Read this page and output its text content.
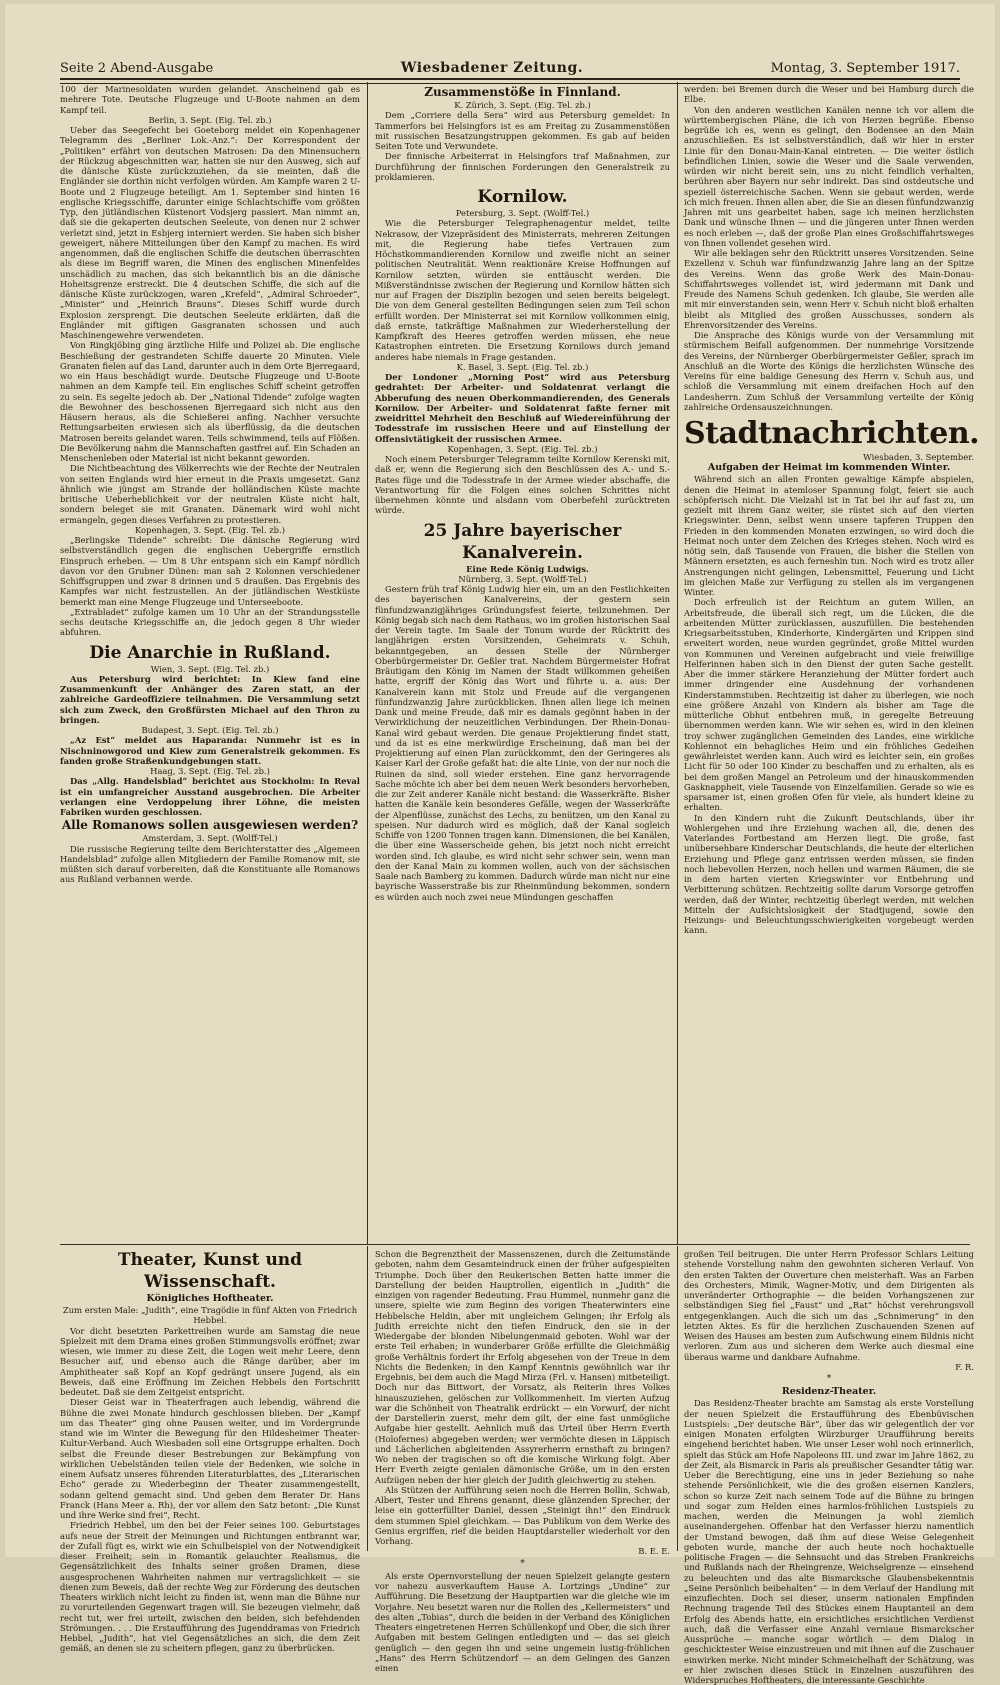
Seite 2 Abend-Ausgabe	Wiesbadener Zeitung.	Montag, 3. September 1917.

100 der Marinesoldaten wurden gelandet. Anscheinend gab es mehrere Tote. Deutsche Flugzeuge und U-Boote nahmen an dem Kampf teil.

Berlin, 3. Sept. (Eig. Tel. zb.)

Ueber das Seegefecht bei Goeteborg meldet ein Kopenhagener Telegramm des „Berliner Lok.-Anz.“: Der Korrespondent der „Politiken“ erfährt von deutschen Matrosen: Da den Minensuchern der Rückzug abgeschnitten war, hatten sie nur den Ausweg, sich auf die dänische Küste zurückzuziehen, da sie meinten, daß die Engländer sie dorthin nicht verfolgen würden. Am Kampfe waren 2 U-Boote und 2 Flugzeuge beteiligt. Am 1. September sind hinten 16 englische Kriegsschiffe, darunter einige Schlachtschiffe vom größten Typ, den jütländischen Küstenort Vodsjerg passiert. Man nimmt an, daß sie die gekaperten deutschen Seeleute, von denen nur 2 schwer verletzt sind, jetzt in Esbjerg interniert werden. Sie haben sich bisher geweigert, nähere Mitteilungen über den Kampf zu machen. Es wird angenommen, daß die englischen Schiffe die deutschen überraschten als diese im Begriff waren, die Minen des englischen Minenfeldes unschädlich zu machen, das sich bekanntlich bis an die dänische Hoheitsgrenze erstreckt. Die 4 deutschen Schiffe, die sich auf die dänische Küste zurückzogen, waren „Krefeld“, „Admiral Schroeder“, „Minister“ und „Heinrich Brauns“. Dieses Schiff wurde durch Explosion zersprengt. Die deutschen Seeleute erklärten, daß die Engländer mit giftigen Gasgranaten schossen und auch Maschinengewehre verwendeten.

Von Ringkjöbing ging ärztliche Hilfe und Polizei ab. Die englische Beschießung der gestrandeten Schiffe dauerte 20 Minuten. Viele Granaten fielen auf das Land, darunter auch in dem Orte Bjerregaard, wo ein Haus beschädigt wurde. Deutsche Flugzeuge und U-Boote nahmen an dem Kampfe teil. Ein englisches Schiff scheint getroffen zu sein. Es segelte jedoch ab. Der „National Tidende“ zufolge wagten die Bewohner des beschossenen Bjerregaard sich nicht aus den Häusern heraus, als die Schießerei anfing. Nachher versuchte Rettungsarbeiten erwiesen sich als überflüssig, da die deutschen Matrosen bereits gelandet waren. Teils schwimmend, teils auf Flößen. Die Bevölkerung nahm die Mannschaften gastfrei auf. Ein Schaden an Menschenleben oder Material ist nicht bekannt geworden.

Die Nichtbeachtung des Völkerrechts wie der Rechte der Neutralen von seiten Englands wird hier erneut in die Praxis umgesetzt. Ganz ähnlich wie jüngst am Strande der holländischen Küste machte britische Ueberheblichkeit vor der neutralen Küste nicht halt, sondern beleget sie mit Granaten. Dänemark wird wohl nicht ermangeln, gegen dieses Verfahren zu protestieren.

Kopenhagen, 3. Sept. (Eig. Tel. zb.)

„Berlingske Tidende“ schreibt: Die dänische Regierung wird selbstverständlich gegen die englischen Uebergriffe ernstlich Einspruch erheben. — Um 8 Uhr entspann sich ein Kampf nördlich davon vor den Grubner Dünen: man sah 2 Kolonnen verschiedener Schiffsgruppen und zwar 8 drinnen und 5 draußen. Das Ergebnis des Kampfes war nicht festzustellen. An der jütländischen Westküste bemerkt man eine Menge Flugzeuge und Unterseeboote.

„Extrabladet“ zufolge kamen um 10 Uhr an der Strandungsstelle sechs deutsche Kriegsschiffe an, die jedoch gegen 8 Uhr wieder abfuhren.

Die Anarchie in Rußland.

Wien, 3. Sept. (Eig. Tel. zb.)

Aus Petersburg wird berichtet: In Kiew fand eine Zusammenkunft der Anhänger des Zaren statt, an der zahlreiche Gardeoffiziere teilnahmen. Die Versammlung setzt sich zum Zweck, den Großfürsten Michael auf den Thron zu bringen.

Budapest, 3. Sept. (Eig. Tel. zb.)

„Az Est“ meldet aus Haparanda: Nunmehr ist es in Nischninowgorod und Kiew zum Generalstreik gekommen. Es fanden große Straßenkundgebungen statt.

Haag, 3. Sept. (Eig. Tel. zb.)

Das „Allg. Handelsblad“ berichtet aus Stockholm: In Reval ist ein umfangreicher Ausstand ausgebrochen. Die Arbeiter verlangen eine Verdoppelung ihrer Löhne, die meisten Fabriken wurden geschlossen.

Alle Romanows sollen ausgewiesen werden?

Amsterdam, 3. Sept. (Wolff-Tel.)

Die russische Regierung teilte dem Berichterstatter des „Algemeen Handelsblad“ zufolge allen Mitgliedern der Familie Romanow mit, sie müßten sich darauf vorbereiten, daß die Konstituante alle Romanows aus Rußland verbannen werde.

Zusammenstöße in Finnland.

K. Zürich, 3. Sept. (Eig. Tel. zb.)

Dem „Corriere della Sera“ wird aus Petersburg gemeldet: In Tammerfors bei Helsingfors ist es am Freitag zu Zusammenstößen mit russischen Besatzungstruppen gekommen. Es gab auf beiden Seiten Tote und Verwundete.

Der finnische Arbeiterrat in Helsingfors traf Maßnahmen, zur Durchführung der finnischen Forderungen den Generalstreik zu proklamieren.

Kornilow.

Petersburg, 3. Sept. (Wolff-Tel.)

Wie die Petersburger Telegraphenagentur meldet, teilte Nekrasow, der Vizepräsident des Ministerrats, mehreren Zeitungen mit, die Regierung habe tiefes Vertrauen zum Höchstkommandierenden Kornilow und zweifle nicht an seiner politischen Neutralität. Wenn reaktionäre Kreise Hoffnungen auf Kornilow setzten, würden sie enttäuscht werden. Die Mißverständnisse zwischen der Regierung und Kornilow hätten sich nur auf Fragen der Disziplin bezogen und seien bereits beigelegt. Die von dem General gestellten Bedingungen seien zum Teil schon erfüllt worden. Der Ministerrat sei mit Kornilow vollkommen einig, daß ernste, tatkräftige Maßnahmen zur Wiederherstellung der Kampfkraft des Heeres getroffen werden müssen, ehe neue Katastrophen eintreten. Die Ersetzung Kornilows durch jemand anderes habe niemals in Frage gestanden.

K. Basel, 3. Sept. (Eig. Tel. zb.)

Der Londoner „Morning Post“ wird aus Petersburg gedrahtet: Der Arbeiter- und Soldatenrat verlangt die Abberufung des neuen Oberkommandierenden, des Generals Kornilow. Der Arbeiter- und Soldatenrat faßte ferner mit zweidrittel Mehrheit den Beschluß auf Wiedereinführung der Todesstrafe im russischen Heere und auf Einstellung der Offensivtätigkeit der russischen Armee.

Kopenhagen, 3. Sept. (Eig. Tel. zb.)

Noch einem Petersburger Telegramm teilte Kornilow Kerenski mit, daß er, wenn die Regierung sich den Beschlüssen des A.- und S.-Rates füge und die Todesstrafe in der Armee wieder abschaffe, die Verantwortung für die Folgen eines solchen Schrittes nicht übernehmen könnte und alsdann vom Oberbefehl zurücktreten würde.

25 Jahre bayerischer Kanalverein.

Eine Rede König Ludwigs.

Nürnberg, 3. Sept. (Wolff-Tel.)

Gestern früh traf König Ludwig hier ein, um an den Festlichkeiten des bayerischen Kanalvereins, der gestern sein fünfundzwanzigjähriges Gründungsfest feierte, teilzunehmen. Der König begab sich nach dem Rathaus, wo im großen historischen Saal der Verein tagte. Im Saale der Tonum wurde der Rücktritt des langjährigen ersten Vorsitzenden, Geheimrats v. Schuh, bekanntgegeben, an dessen Stelle der Nürnberger Oberbürgermeister Dr. Geßler trat. Nachdem Bürgermeister Hofrat Bräutigam den König im Namen der Stadt willkommen geheißen hatte, ergriff der König das Wort und führte u. a. aus: Der Kanalverein kann mit Stolz und Freude auf die vergangenen fünfundzwanzig Jahre zurückblicken. Ihnen allen liege ich meinen Dank und meine Freude, daß mir es damals gegönnt haben in der Verwirklichung der neuzeitlichen Verbindungen. Der Rhein-Donau-Kanal wird gebaut werden. Die genaue Projektierung findet statt, und da ist es eine merkwürdige Erscheinung, daß man bei der Projektierung auf einen Plan zurückkommt, den der Geringeres als Kaiser Karl der Große gefaßt hat: die alte Linie, von der nur noch die Ruinen da sind, soll wieder erstehen. Eine ganz hervorragende Sache möchte ich aber bei dem neuen Werk besonders hervorheben, die zur Zeit anderer Kanäle nicht bestand: die Wasserkräfte. Bisher hatten die Kanäle kein besonderes Gefälle, wegen der Wasserkräfte der Alpenflüsse, zunächst des Lechs, zu benützen, um den Kanal zu speisen. Nur dadurch wird es möglich, daß der Kanal sogleich Schiffe von 1200 Tonnen tragen kann. Dimensionen, die bei Kanälen, die über eine Wasserscheide gehen, bis jetzt noch nicht erreicht worden sind. Ich glaube, es wird nicht sehr schwer sein, wenn man den der Kanal Main zu kommen wollen, auch von der sächsischen Saale nach Bamberg zu kommen. Dadurch würde man nicht nur eine bayrische Wasserstraße bis zur Rheinmündung bekommen, sondern es würden auch noch zwei neue Mündungen geschaffen

werden: bei Bremen durch die Weser und bei Hamburg durch die Elbe.

Von den anderen westlichen Kanälen nenne ich vor allem die württembergischen Pläne, die ich von Herzen begrüße. Ebenso begrüße ich es, wenn es gelingt, den Bodensee an den Main anzuschließen. Es ist selbstverständlich, daß wir hier in erster Linie für den Donau-Main-Kanal eintreten. — Die weiter östlich befindlichen Linien, sowie die Weser und die Saale verwenden, würden wir nicht bereit sein, uns zu nicht feindlich verhalten, berühren aber Bayern nur sehr indirekt. Das sind ostdeutsche und speziell österreichische Sachen. Wenn sie gebaut werden, werde ich mich freuen. Ihnen allen aber, die Sie an diesen fünfundzwanzig Jahren mit uns gearbeitet haben, sage ich meinen herzlichsten Dank und wünsche Ihnen — und die jüngeren unter Ihnen werden es noch erleben —, daß der große Plan eines Großschiffahrtsweges von Ihnen vollendet gesehen wird.

Wir alle beklagen sehr den Rücktritt unseres Vorsitzenden. Seine Exzellenz v. Schuh war fünfundzwanzig Jahre lang an der Spitze des Vereins. Wenn das große Werk des Main-Donau-Schiffahrtsweges vollendet ist, wird jedermann mit Dank und Freude des Namens Schuh gedenken. Ich glaube, Sie werden alle mit mir einverstanden sein, wenn Herr v. Schuh nicht bloß erhalten bleibt als Mitglied des großen Ausschusses, sondern als Ehrenvorsitzender des Vereins.

Die Ansprache des Königs wurde von der Versammlung mit stürmischem Beifall aufgenommen. Der nunmehrige Vorsitzende des Vereins, der Nürnberger Oberbürgermeister Geßler, sprach im Anschluß an die Worte des Königs die herzlichsten Wünsche des Vereins für eine baldige Genesung des Herrn v. Schuh aus, und schloß die Versammlung mit einem dreifachen Hoch auf den Landesherrn. Zum Schluß der Versammlung verteilte der König zahlreiche Ordensauszeichnungen.

Stadtnachrichten.

Wiesbaden, 3. September.

Aufgaben der Heimat im kommenden Winter.

Während sich an allen Fronten gewaltige Kämpfe abspielen, denen die Heimat in atemloser Spannung folgt, feiert sie auch schöpferisch nicht. Die Vielzahl ist in Tat bei ihr auf fast zu, um gezielt mit ihrem Ganz weiter, sie rüstet sich auf den vierten Kriegswinter. Denn, selbst wenn unsere tapferen Truppen den Frieden in den kommenden Monaten erzwingen, so wird doch die Heimat noch unter dem Zeichen des Krieges stehen. Noch wird es nötig sein, daß Tausende von Frauen, die bisher die Stellen von Männern ersetzten, es auch ferneshin tun. Noch wird es trotz aller Anstrengungen nicht gelingen, Lebensmittel, Feuerung und Licht im gleichen Maße zur Verfügung zu stellen als im vergangenen Winter.

Doch erfreulich ist der Reichtum an gutem Willen, an Arbeitsfreude, die überall sich regt, um die Lücken, die die arbeitenden Mütter zurücklassen, auszufüllen. Die bestehenden Kriegsarbeitsstuben, Kinderhorte, Kindergärten und Krippen sind erweitert worden, neue wurden gegründet, große Mittel wurden von Kommunen und Vereinen aufgebracht und viele freiwillige Helferinnen haben sich in den Dienst der guten Sache gestellt. Aber die immer stärkere Heranziehung der Mütter fordert auch immer dringender eine Ausdehnung der vorhandenen Kinderstammstuben. Rechtzeitig ist daher zu überlegen, wie noch eine größere Anzahl von Kindern als bisher am Tage die mütterliche Obhut entbehren muß, in geregelte Betreuung übernommen werden kann. Wie wir sehen es, wird in den kleinen troy schwer zugänglichen Gemeinden des Landes, eine wirkliche Kohlennot ein behagliches Heim und ein fröhliches Gedeihen gewährleistet werden kann. Auch wird es leichter sein, ein großes Licht für 50 oder 100 Kinder zu beschaffen und zu erhalten, als es bei dem großen Mangel an Petroleum und der hinauskommenden Gasknappheit, viele Tausende von Einzelfamilien. Gerade so wie es sparsamer ist, einen großen Ofen für viele, als hundert kleine zu erhalten.

In den Kindern ruht die Zukunft Deutschlands, über ihr Wohlergehen und ihre Erziehung wachen all, die, denen des Vaterlandes Fortbestand am Herzen liegt. Die große, fast unübersehbare Kinderschar Deutschlands, die heute der elterlichen Erziehung und Pflege ganz entrissen werden müssen, sie finden noch liebevollen Herzen, noch hellen und warmen Räumen, die sie in dem harten vierten Kriegswinter vor Entbehrung und Verbitterung schützen. Rechtzeitig sollte darum Vorsorge getroffen werden, daß der Winter, rechtzeitig überlegt werden, mit welchen Mitteln der Aufsichtslosigkeit der Stadtjugend, sowie den Heizungs- und Beleuchtungsschwierigkeiten vorgebeugt werden kann.

Theater, Kunst und Wissenschaft.
Königliches Hoftheater.

Zum ersten Male: „Judith“, eine Tragödie in fünf Akten von Friedrich Hebbel.

Vor dicht besetzten Parkettreihen wurde am Samstag die neue Spielzeit mit dem Drama eines großen Stimmungsvolls eröffnet; zwar wiesen, wie immer zu diese Zeit, die Logen weit mehr Leere, denn Besucher auf, und ebenso auch die Ränge darüber, aber im Amphitheater saß Kopf an Kopf gedrängt unsere Jugend, als ein Beweis, daß eine Eröffnung im Zeichen Hebbels den Fortschritt bedeutet. Daß sie dem Zeitgeist entspricht.

Dieser Geist war in Theaterfragen auch lebendig, während die Bühne die zwei Monate hindurch geschlossen blieben. Der „Kampf um das Theater“ ging ohne Pausen weiter, und im Vordergrunde stand wie im Winter die Bewegung für den Hildesheimer Theater-Kultur-Verband. Auch Wiesbaden soll eine Ortsgruppe erhalten. Doch selbst die Freunde dieser Bestrebungen zur Bekämpfung von wirklichen Uebelständen teilen viele der Bedenken, wie solche in einem Aufsatz unseres führenden Literaturblattes, des „Literarischen Echo“ gerade zu Wiederbeginn der Theater zusammengestellt, sodann geltend gemacht sind. Und geben dem Berater Dr. Hans Franck (Hans Meer a. Rh), der vor allem den Satz betont: „Die Kunst und ihre Werke sind frei“, Recht.

Friedrich Hebbel, um den bei der Feier seines 100. Geburtstages aufs neue der Streit der Meinungen und Richtungen entbrannt war, der Zufall fügt es, wirkt wie ein Schulbeispiel von der Notwendigkeit dieser Freiheit; sein in Romantik gelauchter Realismus, die Gegensätzlichkeit des Inhalts seiner großen Dramen, diese ausgesprochenen Wahrheiten nahmen nur vertragslichkeit — sie dienen zum Beweis, daß der rechte Weg zur Förderung des deutschen Theaters wirklich nicht leicht zu finden ist, wenn man die Bühne nur zu vorurteilenden Gegenwart tragen will. Sie bezeugen vielmehr, daß recht tut, wer frei urteilt, zwischen den beiden, sich befehdenden Strömungen. . . . Die Erstaufführung des Jugenddramas von Friedrich Hebbel, „Judith“, hat viel Gegensätzliches an sich, die dem Zeit gemäß, an denen sie zu scheitern pflegen, ganz zu überbrücken.

Schon die Begrenztheit der Massenszenen, durch die Zeitumstände geboten, nahm dem Gesamteindruck einen der früher aufgespielten Triumphe. Doch über den Reukerischen Betten hatte immer die Darstellung der beiden Hauptrollen, eigentlich in „Judith“ die einzigen von ragender Bedeutung. Frau Hummel, nunmehr ganz die unsere, spielte wie zum Beginn des vorigen Theaterwinters eine Hebbelsche Heldin, aber mit ungleichem Gelingen; ihr Erfolg als Judith erreichte nicht den tiefen Eindruck, den sie in der Wiedergabe der blonden Nibelungenmaid geboten. Wohl war der erste Teil erhaben; in wunderbarer Größe erfüllte die Gleichmäßig große Verhältnis fordert ihr Erfolg abgesehen von der Treue in dem Nichts die Bedenken; in den Kampf Kenntnis gewöhnlich war ihr Ergebnis, bei dem auch die Magd Mirza (Frl. v. Hansen) mitbeteiligt. Doch nur das Bittwort, der Vorsatz, als Reiterin ihres Volkes hinauszuziehen, gelöschen zur Vollkommenheit. Im vierten Aufzug war die Schönheit von Theatralik erdrückt — ein Vorwurf, der nicht der Darstellerin zuerst, mehr dem gilt, der eine fast unmögliche Aufgabe hier gestellt. Aehnlich muß das Urteil über Herrn Everth (Holofernes) abgegeben werden; wer vermöchte diesen in Läppisch und Lächerlichen abgleitenden Assyrerherrn ernsthaft zu bringen? Wo neben der tragischen so oft die komische Wirkung folgt. Aber Herr Everth zeigte genialen dämonische Größe, um in den ersten Aufzügen neben der hier gleich der Judith gleichwertig zu stehen.

Als Stützen der Aufführung seien noch die Herren Bollin, Schwab, Albert, Tester und Ehrens genannt, diese glänzenden Sprecher, der leise ein gotterfüllter Daniel, dessen „Steinigt ihn!“ den Eindruck dem stummen Spiel gleichkam. — Das Publikum von dem Werke des Genius ergriffen, rief die beiden Hauptdarsteller wiederholt vor den Vorhang.

B. E. E.

*

Als erste Opernvorstellung der neuen Spielzeit gelangte gestern vor nahezu ausverkauftem Hause A. Lortzings „Undine“ zur Aufführung. Die Besetzung der Hauptpartien war die gleiche wie im Vorjahre. Neu besetzt waren nur die Rollen des „Kellermeisters“ und des alten „Tobias“, durch die beiden in der Verband des Königlichen Theaters eingetretenen Herren Schüllenkopf und Ober, die sich ihrer Aufgaben mit bestem Gelingen entledigten und — das sei gleich genüglich — den gegen ihn und seine ungemein lustig-fröhlichen „Hans“ des Herrn Schützendorf — an dem Gelingen des Ganzen einen

großen Teil beitrugen. Die unter Herrn Professor Schlars Leitung stehende Vorstellung nahm den gewohnten sicheren Verlauf. Von den ersten Takten der Ouverture chen meisterhaft. Was an Farben des Orchesters, Mimik, Wagner-Motiv, und dem Dirigenten als unveränderter Orthographie — die beiden Vorhangszenen zur selbständigen Sieg fiel „Faust“ und „Rat“ höchst verehrungsvoll entgegenklangen. Auch die sich um das „Schnimerung“ in den letzten Aktes. Es für die herzlichen Zuschauenden Szenen auf Weisen des Hauses am besten zum Aufschwung einem Bildnis nicht verloren. Zum aus und sicheren dem Werke auch diesmal eine überaus warme und dankbare Aufnahme.

F. R.

*
Residenz-Theater.

Das Residenz-Theater brachte am Samstag als erste Vorstellung der neuen Spielzeit die Erstaufführung des Ebenbüvischen Lustspiels: „Der deutsche Bär“, über das wir gelegentlich der vor einigen Monaten erfolgten Würzburger Uraufführung bereits eingehend berichtet haben. Wie unser Leser wohl noch erinnerlich, spielt das Stück am Hofe Napoleons III. und zwar im Jahre 1862, zu der Zeit, als Bismarck in Paris als preußischer Gesandter tätig war. Ueber die Berechtigung, eine uns in jeder Beziehung so nahe stehende Persönlichkeit, wie die des großen eisernen Kanzlers, schon so kurze Zeit nach seinem Tode auf die Bühne zu bringen und sogar zum Helden eines harmlos-fröhlichen Lustspiels zu machen, werden die Meinungen ja wohl ziemlich auseinandergehen. Offenbar hat den Verfasser hierzu namentlich der Umstand bewogen, daß ihm auf diese Weise Gelegenheit geboten wurde, manche der auch heute noch hochaktuelle politische Fragen — die Sehnsucht und das Streben Frankreichs und Rußlands nach der Rheingrenze, Weichselgrenze — einsehend zu beleuchten und das alte Bismarcksche Glaubensbekenntnis „Seine Persönlich beibehalten“ — in dem Verlauf der Handlung mit einzuflechten. Doch sei dieser, unserm nationalen Empfinden Rechnung tragende Teil des Stückes einem Hauptanteil an dem Erfolg des Abends hatte, ein ersichtliches ersichtlichen Verdienst auch, daß die Verfasser eine Anzahl verniaue Bismarckscher Aussprüche — manche sogar wörtlich — dem Dialog in geschicktester Weise einzustreuen und mit ihnen auf die Zuschauer einwirken merke. Nicht minder Schmeichelhaft der Schätzung, was er hier zwischen dieses Stück in Einzelnen auszuführen des Widerspruches Hoftheaters, die interessante Geschichte
